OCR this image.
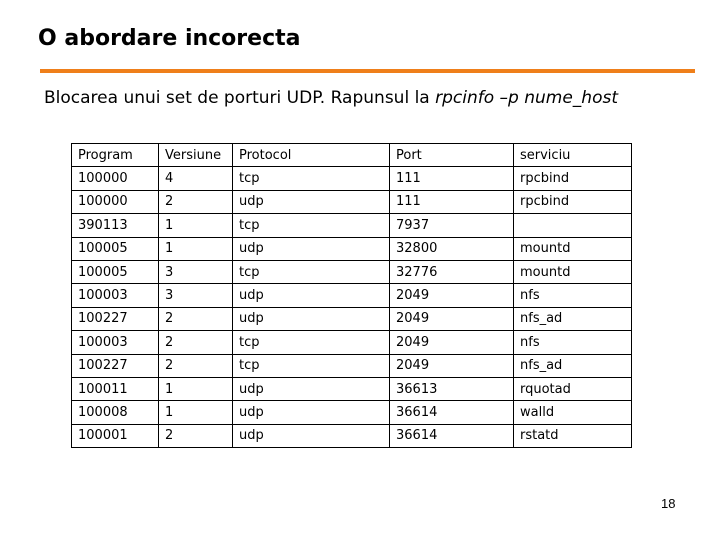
O abordare incorecta
Blocarea unui set de porturi UDP. Rapunsul la rpcinfo –p nume_host
Program	Versiune	Protocol	Port	serviciu
100000	4	tcp	111	rpcbind
100000	2	udp	111	rpcbind
390113	1	tcp	7937	
100005	1	udp	32800	mountd
100005	3	tcp	32776	mountd
100003	3	udp	2049	nfs
100227	2	udp	2049	nfs_ad
100003	2	tcp	2049	nfs
100227	2	tcp	2049	nfs_ad
100011	1	udp	36613	rquotad
100008	1	udp	36614	walld
100001	2	udp	36614	rstatd
18
